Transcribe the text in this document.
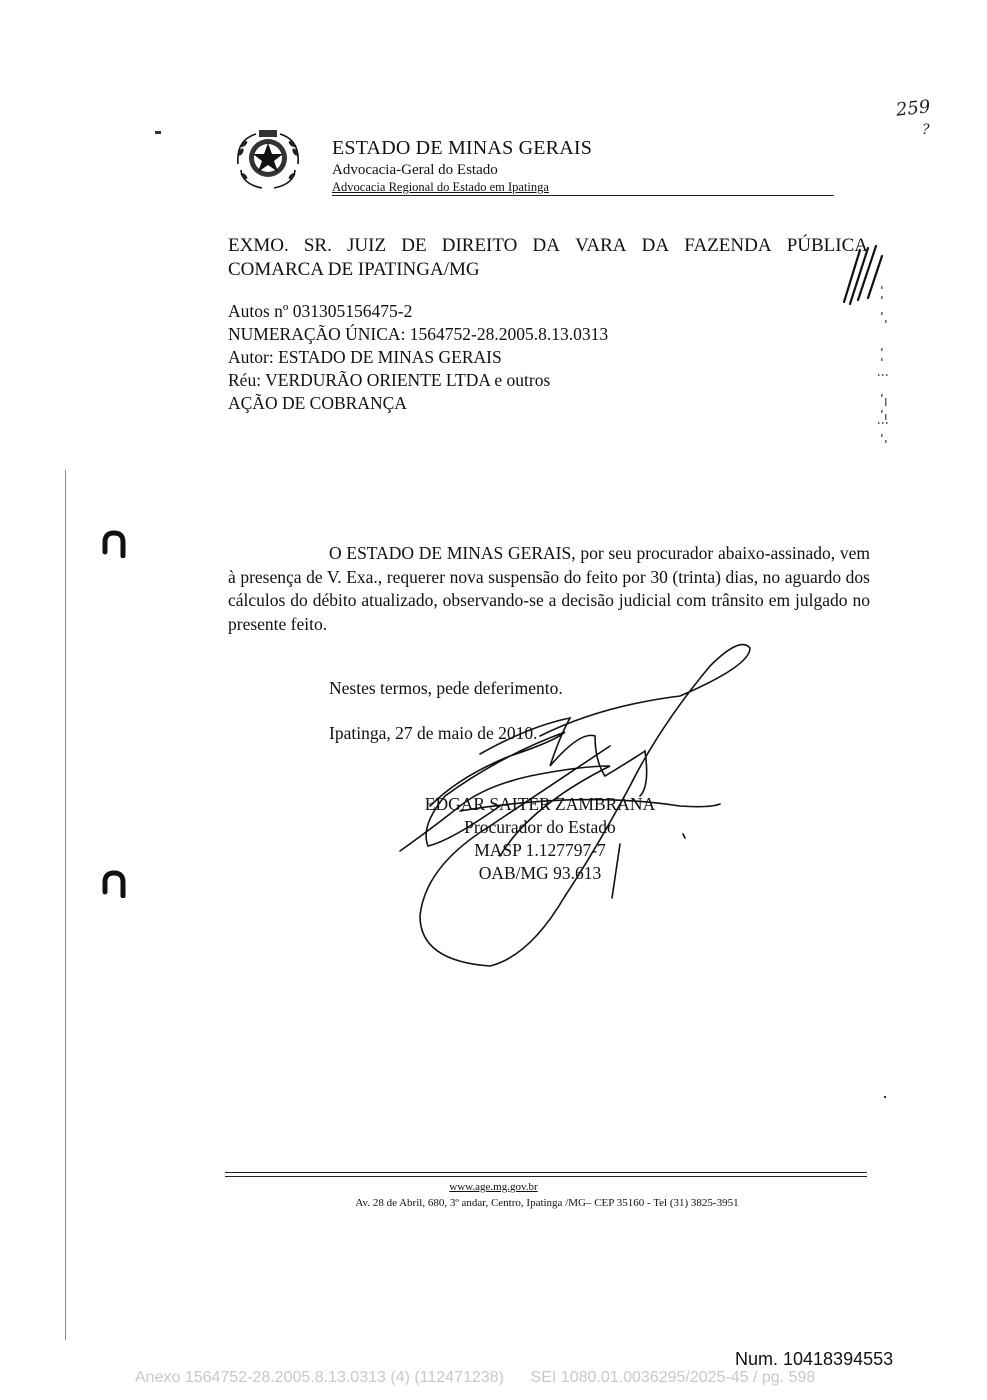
259
?
ESTADO DE MINAS GERAIS
Advocacia-Geral do Estado
Advocacia Regional do Estado em Ipatinga
EXMO. SR. JUIZ DE DIREITO DA VARA DA FAZENDA PÚBLICA
COMARCA DE IPATINGA/MG
Autos nº 031305156475-2
NUMERAÇÃO ÚNICA: 1564752-28.2005.8.13.0313
Autor: ESTADO DE MINAS GERAIS
Réu: VERDURÃO ORIENTE LTDA e outros
AÇÃO DE COBRANÇA
O ESTADO DE MINAS GERAIS, por seu procurador abaixo-assinado, vem à presença de V. Exa., requerer nova suspensão do feito por 30 (trinta) dias, no aguardo dos cálculos do débito atualizado, observando-se a decisão judicial com trânsito em julgado no presente feito.
Nestes termos, pede deferimento.
Ipatinga, 27 de maio de 2010.
EDGAR SAITER ZAMBRANA
Procurador do Estado
MASP 1.127797-7
OAB/MG 93.613
www.age.mg.gov.br
Av. 28 de Abril, 680, 3º andar, Centro, Ipatinga /MG– CEP 35160 - Tel (31) 3825-3951
Num. 10418394553
Anexo 1564752-28.2005.8.13.0313 (4) (112471238)      SEI 1080.01.0036295/2025-45 / pg. 598
